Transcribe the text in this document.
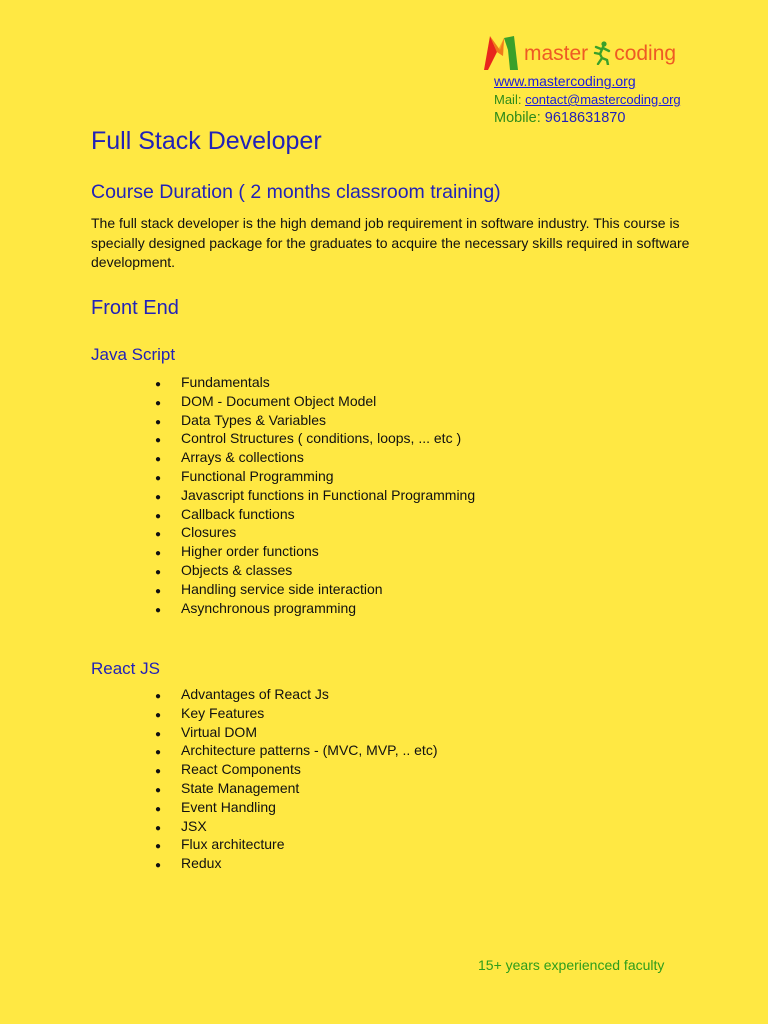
master coding
www.mastercoding.org
Mail: contact@mastercoding.org
Mobile: 9618631870
Full Stack Developer
Course Duration ( 2 months classroom training)

The full stack developer is the high demand job requirement in software industry. This course is specially designed package for the graduates to acquire the necessary skills required in software development.

Front End
Java Script
● Fundamentals
● DOM - Document Object Model
● Data Types & Variables
● Control Structures ( conditions, loops, ... etc )
● Arrays & collections
● Functional Programming
● Javascript functions in Functional Programming
● Callback functions
● Closures
● Higher order functions
● Objects & classes
● Handling service side interaction
● Asynchronous programming
React JS
● Advantages of React Js
● Key Features
● Virtual DOM
● Architecture patterns - (MVC, MVP, .. etc)
● React Components
● State Management
● Event Handling
● JSX
● Flux architecture
● Redux
15+ years experienced faculty
